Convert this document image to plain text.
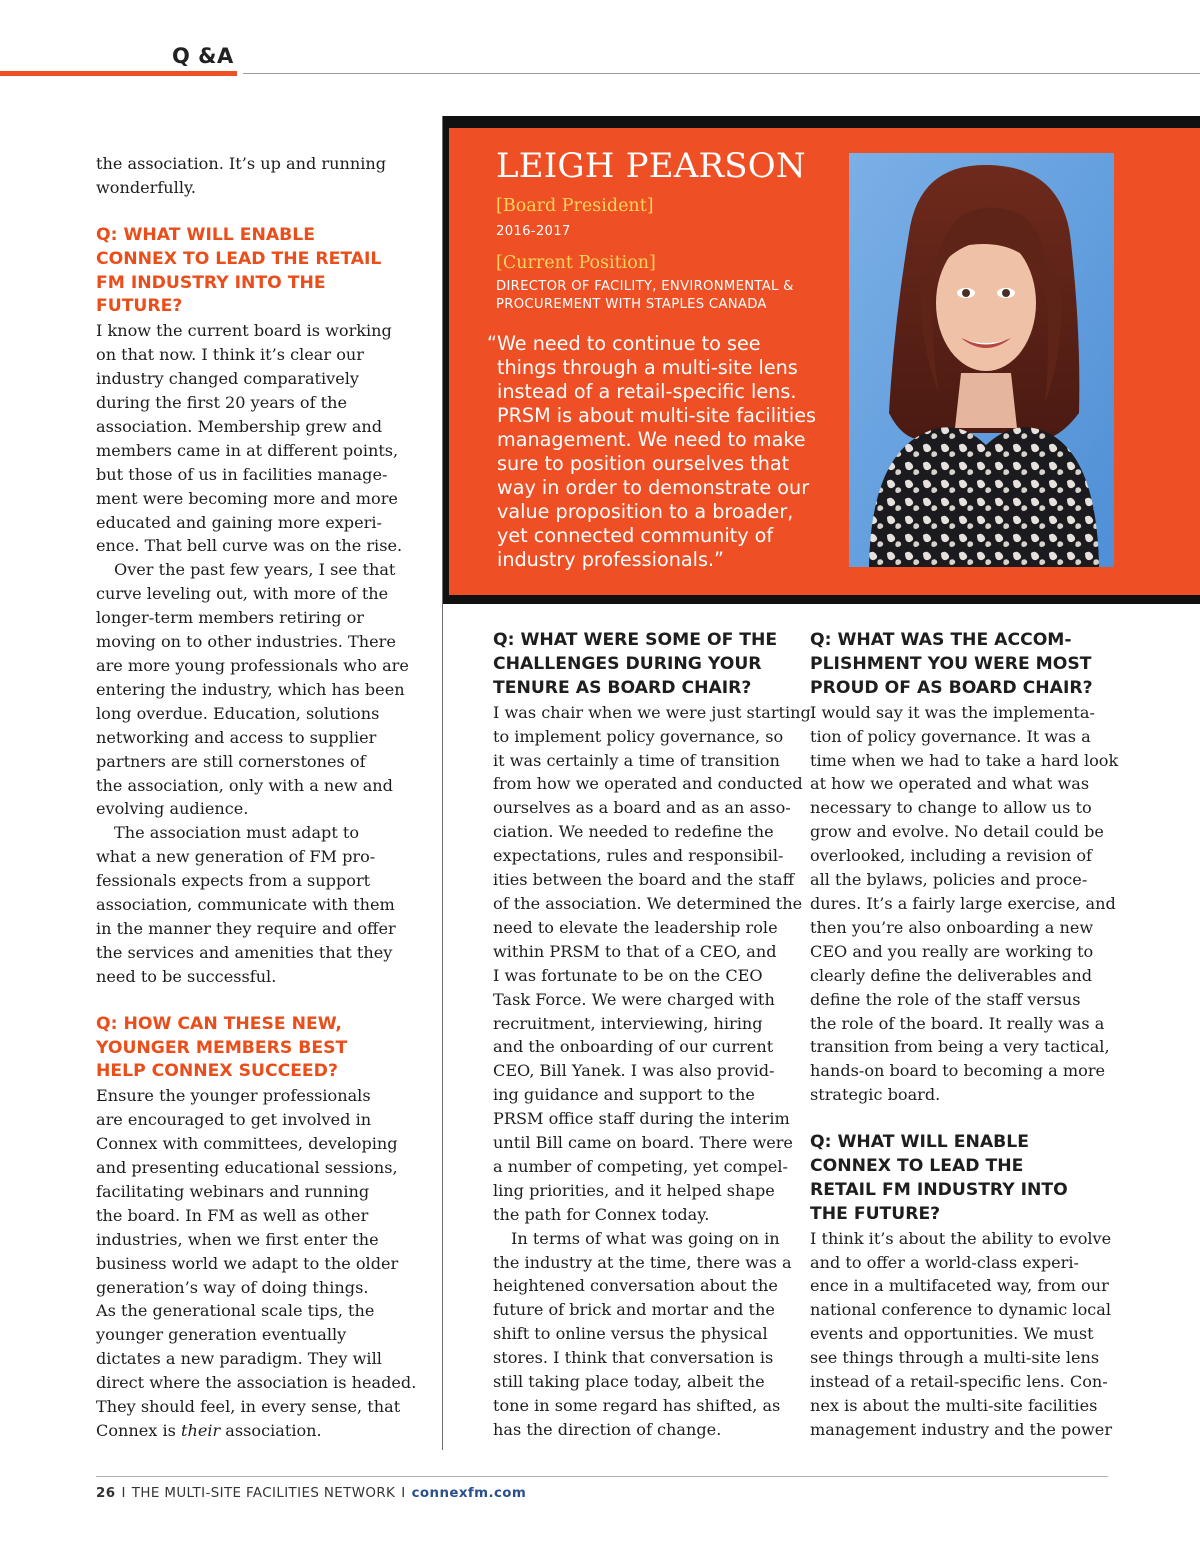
Q &A
LEIGH PEARSON
[Board President]
2016-2017
[Current Position]
DIRECTOR OF FACILITY, ENVIRONMENTAL &
PROCUREMENT WITH STAPLES CANADA
“We need to continue to see
things through a multi-site lens
instead of a retail-specific lens.
PRSM is about multi-site facilities
management. We need to make
sure to position ourselves that
way in order to demonstrate our
value proposition to a broader,
yet connected community of
industry professionals.”

the association. It’s up and running
wonderfully.

Q: WHAT WILL ENABLE
CONNEX TO LEAD THE RETAIL
FM INDUSTRY INTO THE
FUTURE?

I know the current board is working
on that now. I think it’s clear our
industry changed comparatively
during the first 20 years of the
association. Membership grew and
members came in at different points,
but those of us in facilities manage-
ment were becoming more and more
educated and gaining more experi-
ence. That bell curve was on the rise.

Over the past few years, I see that
curve leveling out, with more of the
longer-term members retiring or
moving on to other industries. There
are more young professionals who are
entering the industry, which has been
long overdue. Education, solutions
networking and access to supplier
partners are still cornerstones of
the association, only with a new and
evolving audience.

The association must adapt to
what a new generation of FM pro-
fessionals expects from a support
association, communicate with them
in the manner they require and offer
the services and amenities that they
need to be successful.

Q: HOW CAN THESE NEW,
YOUNGER MEMBERS BEST
HELP CONNEX SUCCEED?

Ensure the younger professionals
are encouraged to get involved in
Connex with committees, developing
and presenting educational sessions,
facilitating webinars and running
the board. In FM as well as other
industries, when we first enter the
business world we adapt to the older
generation’s way of doing things.
As the generational scale tips, the
younger generation eventually
dictates a new paradigm. They will
direct where the association is headed.
They should feel, in every sense, that

Connex is their association.

Q: WHAT WERE SOME OF THE
CHALLENGES DURING YOUR
TENURE AS BOARD CHAIR?

I was chair when we were just starting
to implement policy governance, so
it was certainly a time of transition
from how we operated and conducted
ourselves as a board and as an asso-
ciation. We needed to redefine the
expectations, rules and responsibil-
ities between the board and the staff
of the association. We determined the
need to elevate the leadership role
within PRSM to that of a CEO, and
I was fortunate to be on the CEO
Task Force. We were charged with
recruitment, interviewing, hiring
and the onboarding of our current
CEO, Bill Yanek. I was also provid-
ing guidance and support to the
PRSM office staff during the interim
until Bill came on board. There were
a number of competing, yet compel-
ling priorities, and it helped shape
the path for Connex today.

In terms of what was going on in
the industry at the time, there was a
heightened conversation about the
future of brick and mortar and the
shift to online versus the physical
stores. I think that conversation is
still taking place today, albeit the
tone in some regard has shifted, as
has the direction of change.

Q: WHAT WAS THE ACCOM-
PLISHMENT YOU WERE MOST
PROUD OF AS BOARD CHAIR?

I would say it was the implementa-
tion of policy governance. It was a
time when we had to take a hard look
at how we operated and what was
necessary to change to allow us to
grow and evolve. No detail could be
overlooked, including a revision of
all the bylaws, policies and proce-
dures. It’s a fairly large exercise, and
then you’re also onboarding a new
CEO and you really are working to
clearly define the deliverables and
define the role of the staff versus
the role of the board. It really was a
transition from being a very tactical,
hands-on board to becoming a more
strategic board.

Q: WHAT WILL ENABLE
CONNEX TO LEAD THE
RETAIL FM INDUSTRY INTO
THE FUTURE?

I think it’s about the ability to evolve
and to offer a world-class experi-
ence in a multifaceted way, from our
national conference to dynamic local
events and opportunities. We must
see things through a multi-site lens
instead of a retail-specific lens. Con-
nex is about the multi-site facilities
management industry and the power

26 I THE MULTI-SITE FACILITIES NETWORK I connexfm.com
